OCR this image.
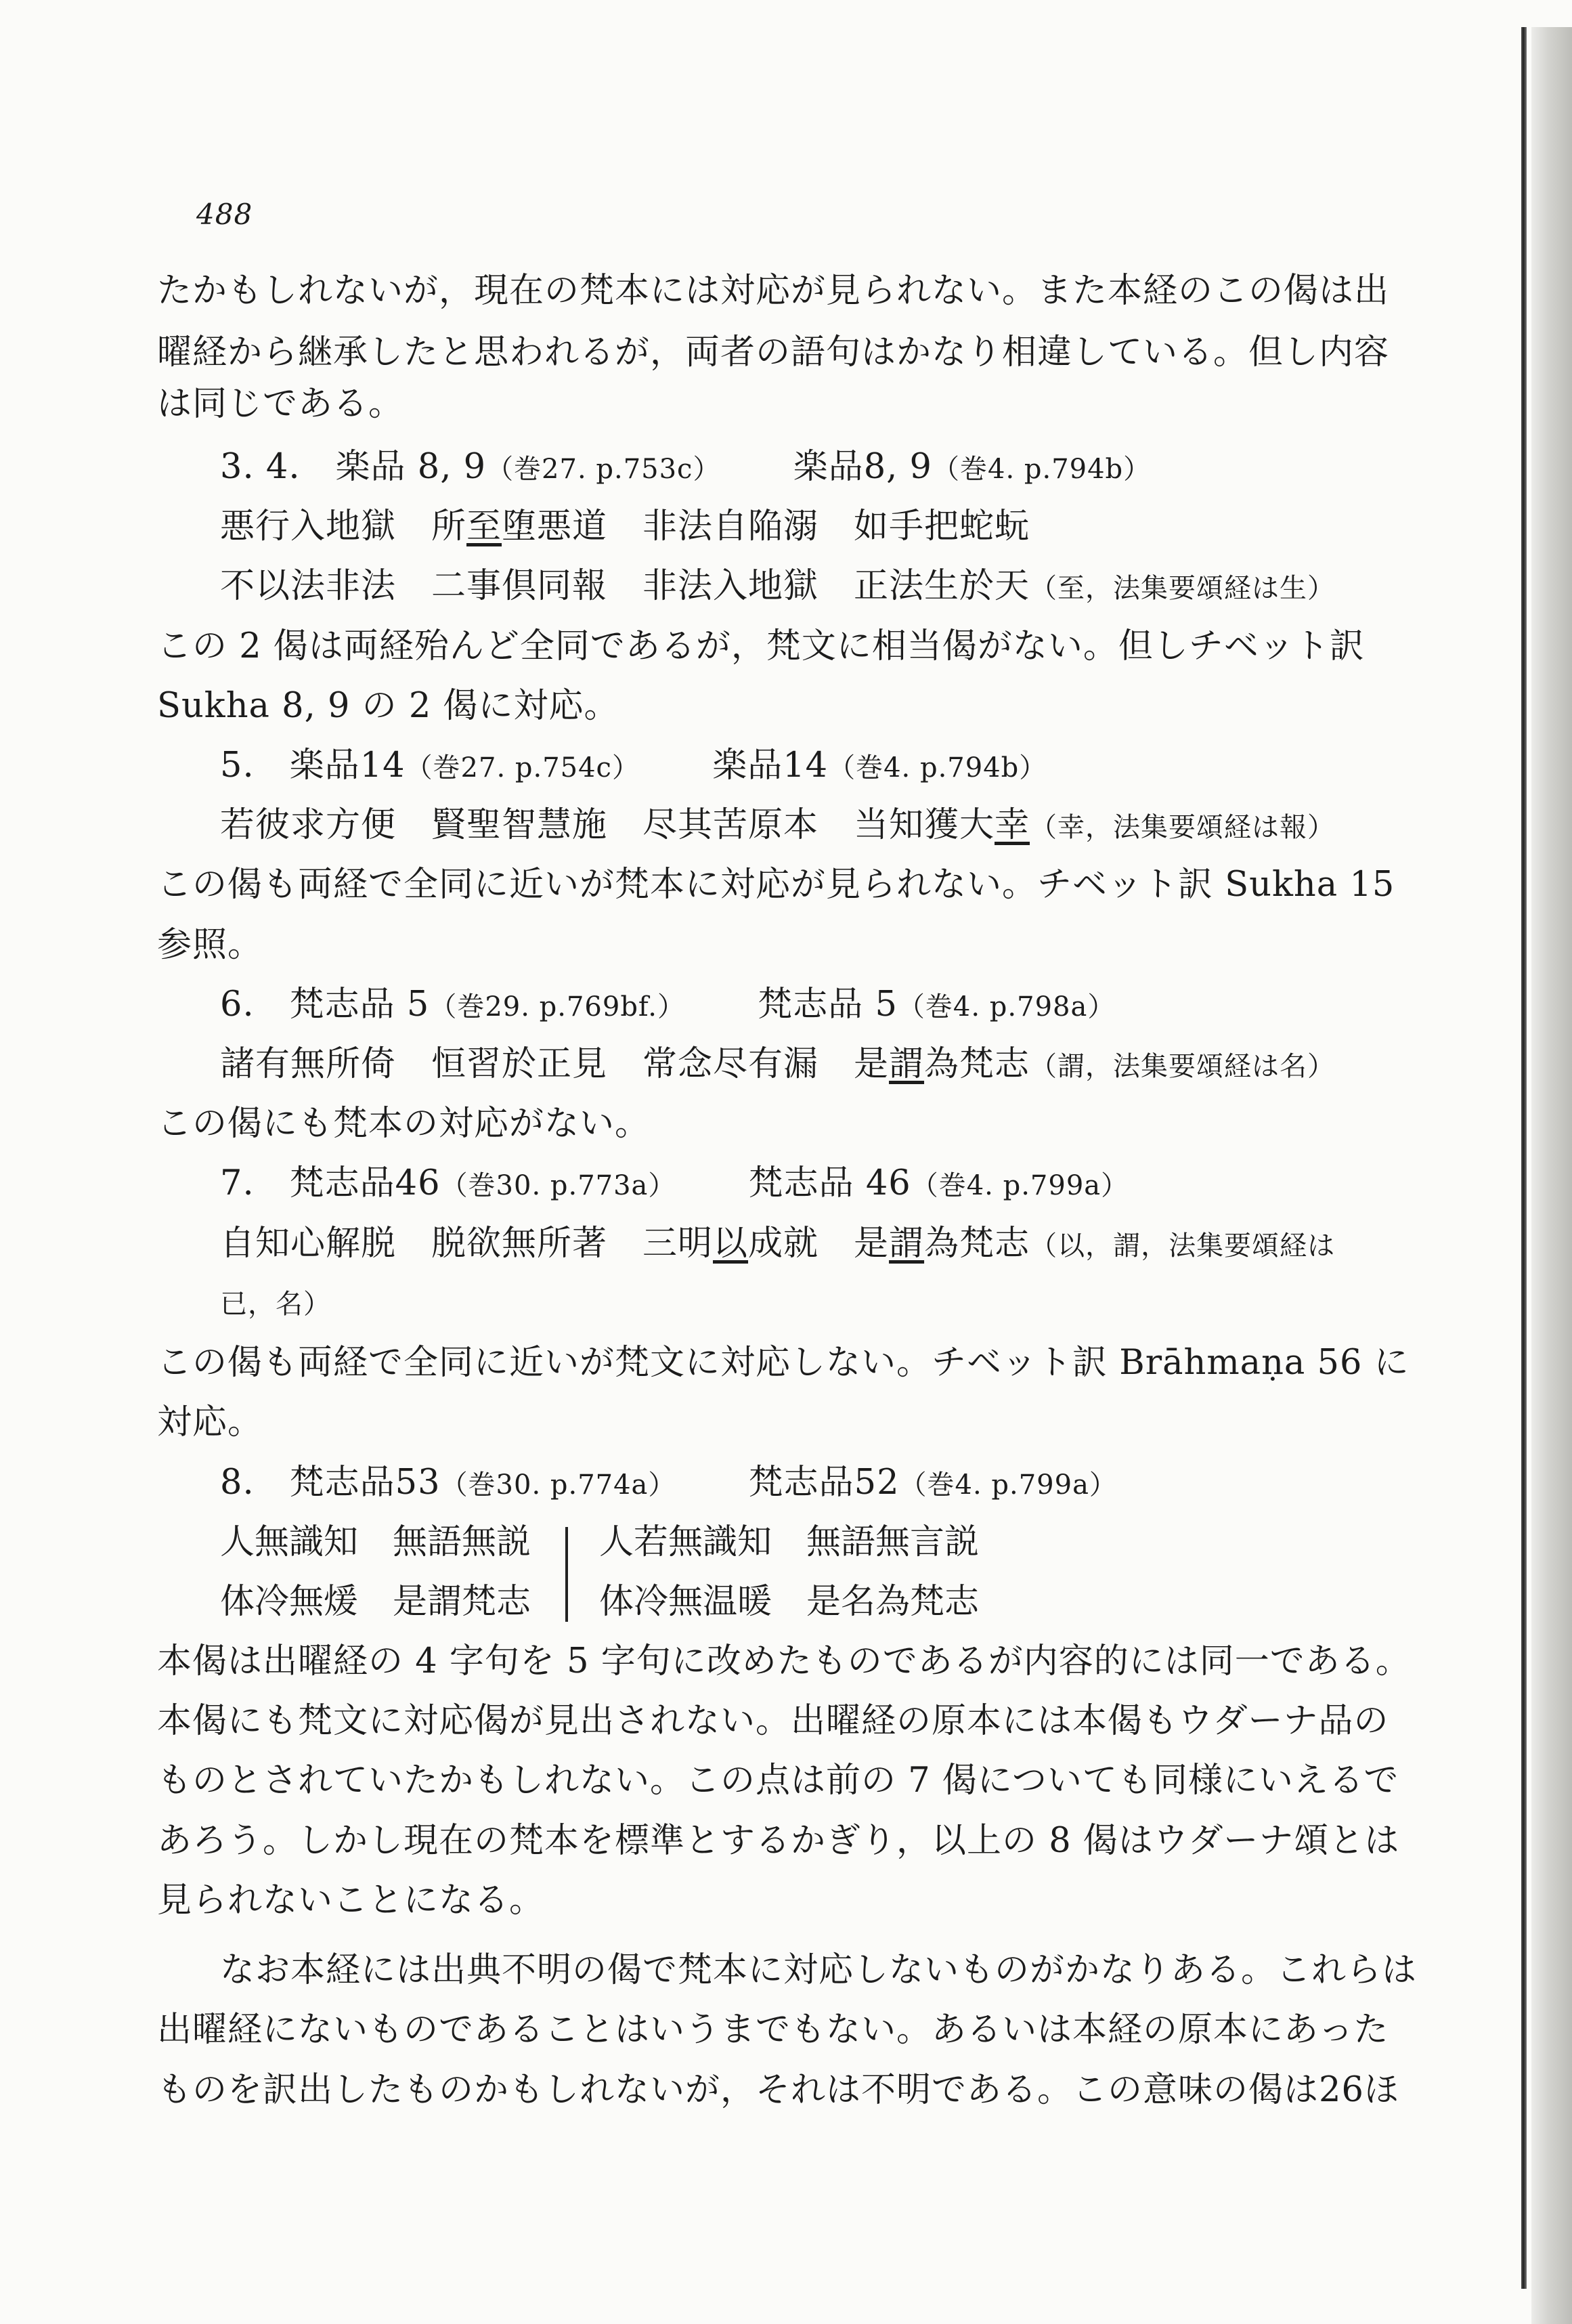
488
たかもしれないが，現在の梵本には対応が見られない。また本経のこの偈は出
曜経から継承したと思われるが，両者の語句はかなり相違している。但し内容
は同じである。
3. 4.　楽品 8, 9（巻27. p.753c） 楽品8, 9（巻4. p.794b）
悪行入地獄　所至堕悪道　非法自陥溺　如手把蛇蚖
不以法非法　二事倶同報　非法入地獄　正法生於天（至，法集要頌経は生）
この 2 偈は両経殆んど全同であるが，梵文に相当偈がない。但しチベット訳
Sukha 8, 9 の 2 偈に対応。
5.　楽品14（巻27. p.754c） 楽品14（巻4. p.794b）
若彼求方便　賢聖智慧施　尽其苦原本　当知獲大幸（幸，法集要頌経は報）
この偈も両経で全同に近いが梵本に対応が見られない。チベット訳 Sukha 15
参照。
6.　梵志品 5（巻29. p.769bf.） 梵志品 5（巻4. p.798a）
諸有無所倚　恒習於正見　常念尽有漏　是謂為梵志（謂，法集要頌経は名）
この偈にも梵本の対応がない。
7.　梵志品46（巻30. p.773a） 梵志品 46（巻4. p.799a）
自知心解脱　脱欲無所著　三明以成就　是謂為梵志（以，謂，法集要頌経は
已，名）
この偈も両経で全同に近いが梵文に対応しない。チベット訳 Brāhmaṇa 56 に
対応。
8.　梵志品53（巻30. p.774a） 梵志品52（巻4. p.799a）
人無識知　無語無説
体冷無煖　是謂梵志
人若無識知　無語無言説
体冷無温暖　是名為梵志
本偈は出曜経の 4 字句を 5 字句に改めたものであるが内容的には同一である。
本偈にも梵文に対応偈が見出されない。出曜経の原本には本偈もウダーナ品の
ものとされていたかもしれない。この点は前の 7 偈についても同様にいえるで
あろう。しかし現在の梵本を標準とするかぎり，以上の 8 偈はウダーナ頌とは
見られないことになる。
なお本経には出典不明の偈で梵本に対応しないものがかなりある。これらは
出曜経にないものであることはいうまでもない。あるいは本経の原本にあった
ものを訳出したものかもしれないが，それは不明である。この意味の偈は26ほ
